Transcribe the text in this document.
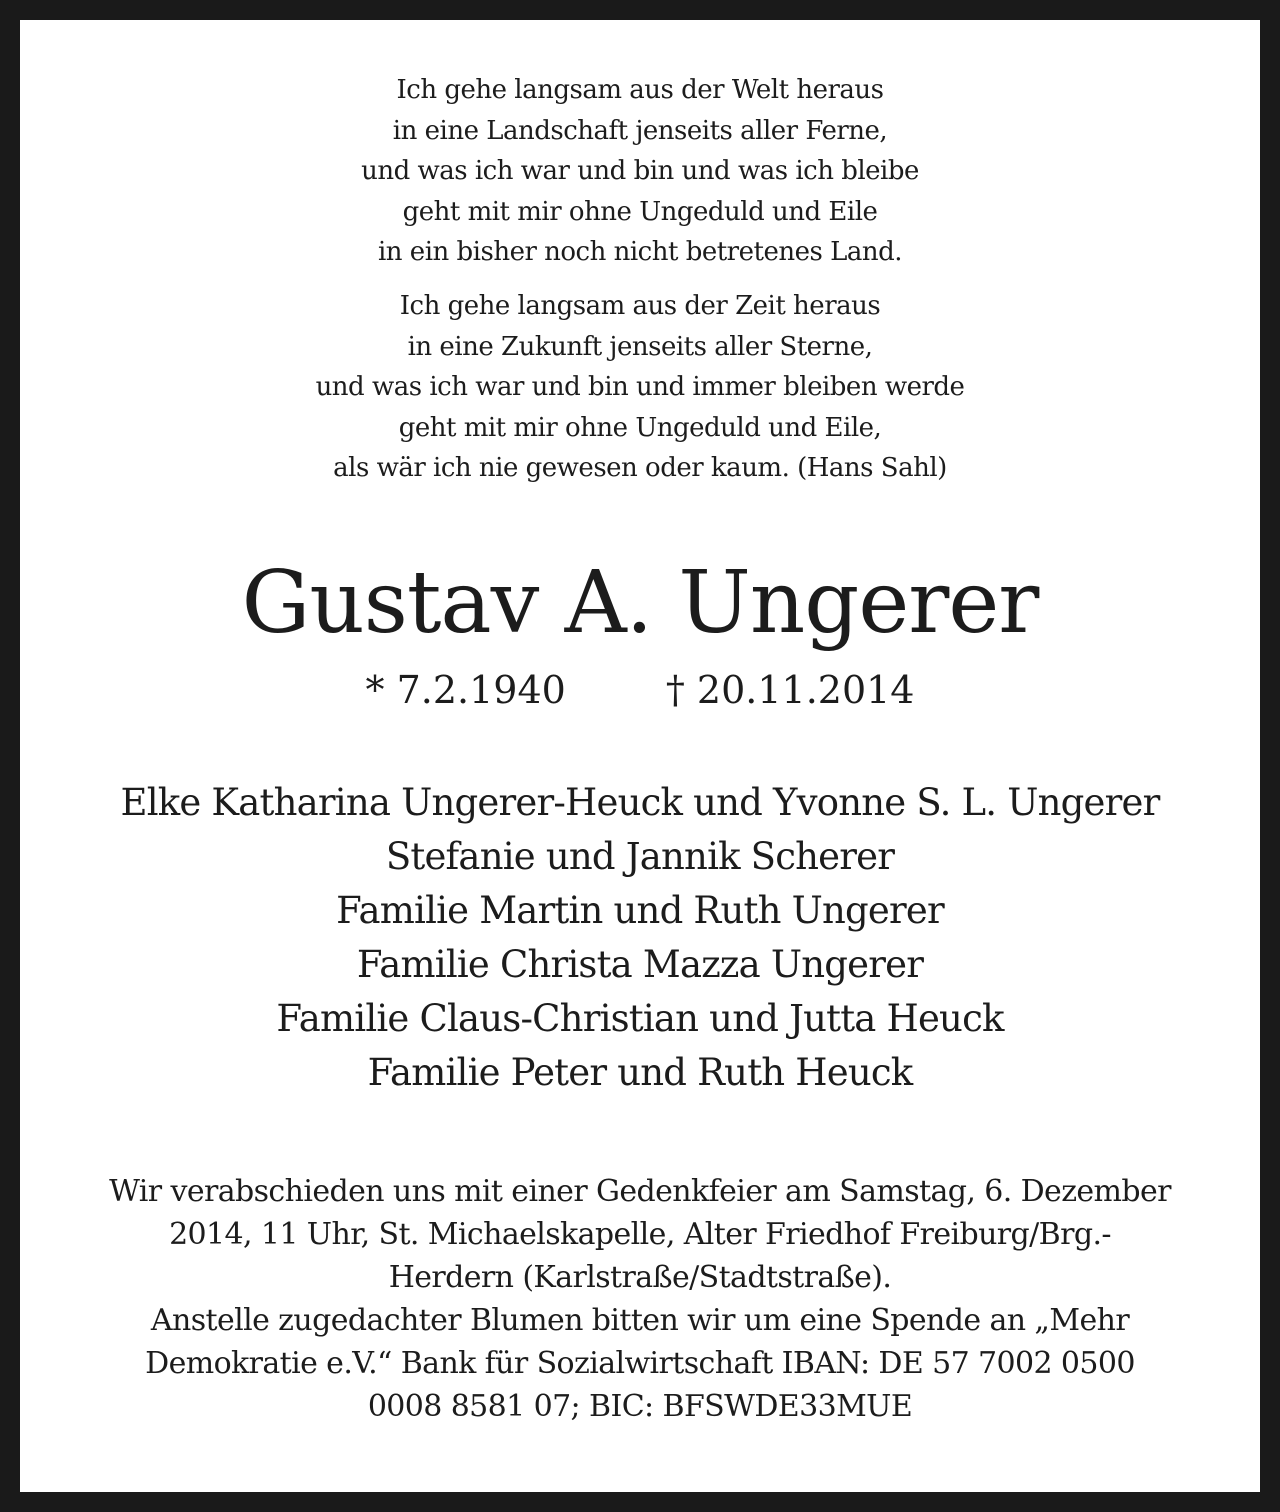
Ich gehe langsam aus der Welt heraus
in eine Landschaft jenseits aller Ferne,
und was ich war und bin und was ich bleibe
geht mit mir ohne Ungeduld und Eile
in ein bisher noch nicht betretenes Land.
Ich gehe langsam aus der Zeit heraus
in eine Zukunft jenseits aller Sterne,
und was ich war und bin und immer bleiben werde
geht mit mir ohne Ungeduld und Eile,
als wär ich nie gewesen oder kaum. (Hans Sahl)
Gustav A. Ungerer
* 7.2.1940	† 20.11.2014
Elke Katharina Ungerer-Heuck und Yvonne S. L. Ungerer
Stefanie und Jannik Scherer
Familie Martin und Ruth Ungerer
Familie Christa Mazza Ungerer
Familie Claus-Christian und Jutta Heuck
Familie Peter und Ruth Heuck
Wir verabschieden uns mit einer Gedenkfeier am Samstag, 6. Dezember
2014, 11 Uhr, St. Michaelskapelle, Alter Friedhof Freiburg/Brg.-
Herdern (Karlstraße/Stadtstraße).
Anstelle zugedachter Blumen bitten wir um eine Spende an „Mehr
Demokratie e.V.“ Bank für Sozialwirtschaft IBAN: DE 57 7002 0500
0008 8581 07; BIC: BFSWDE33MUE
